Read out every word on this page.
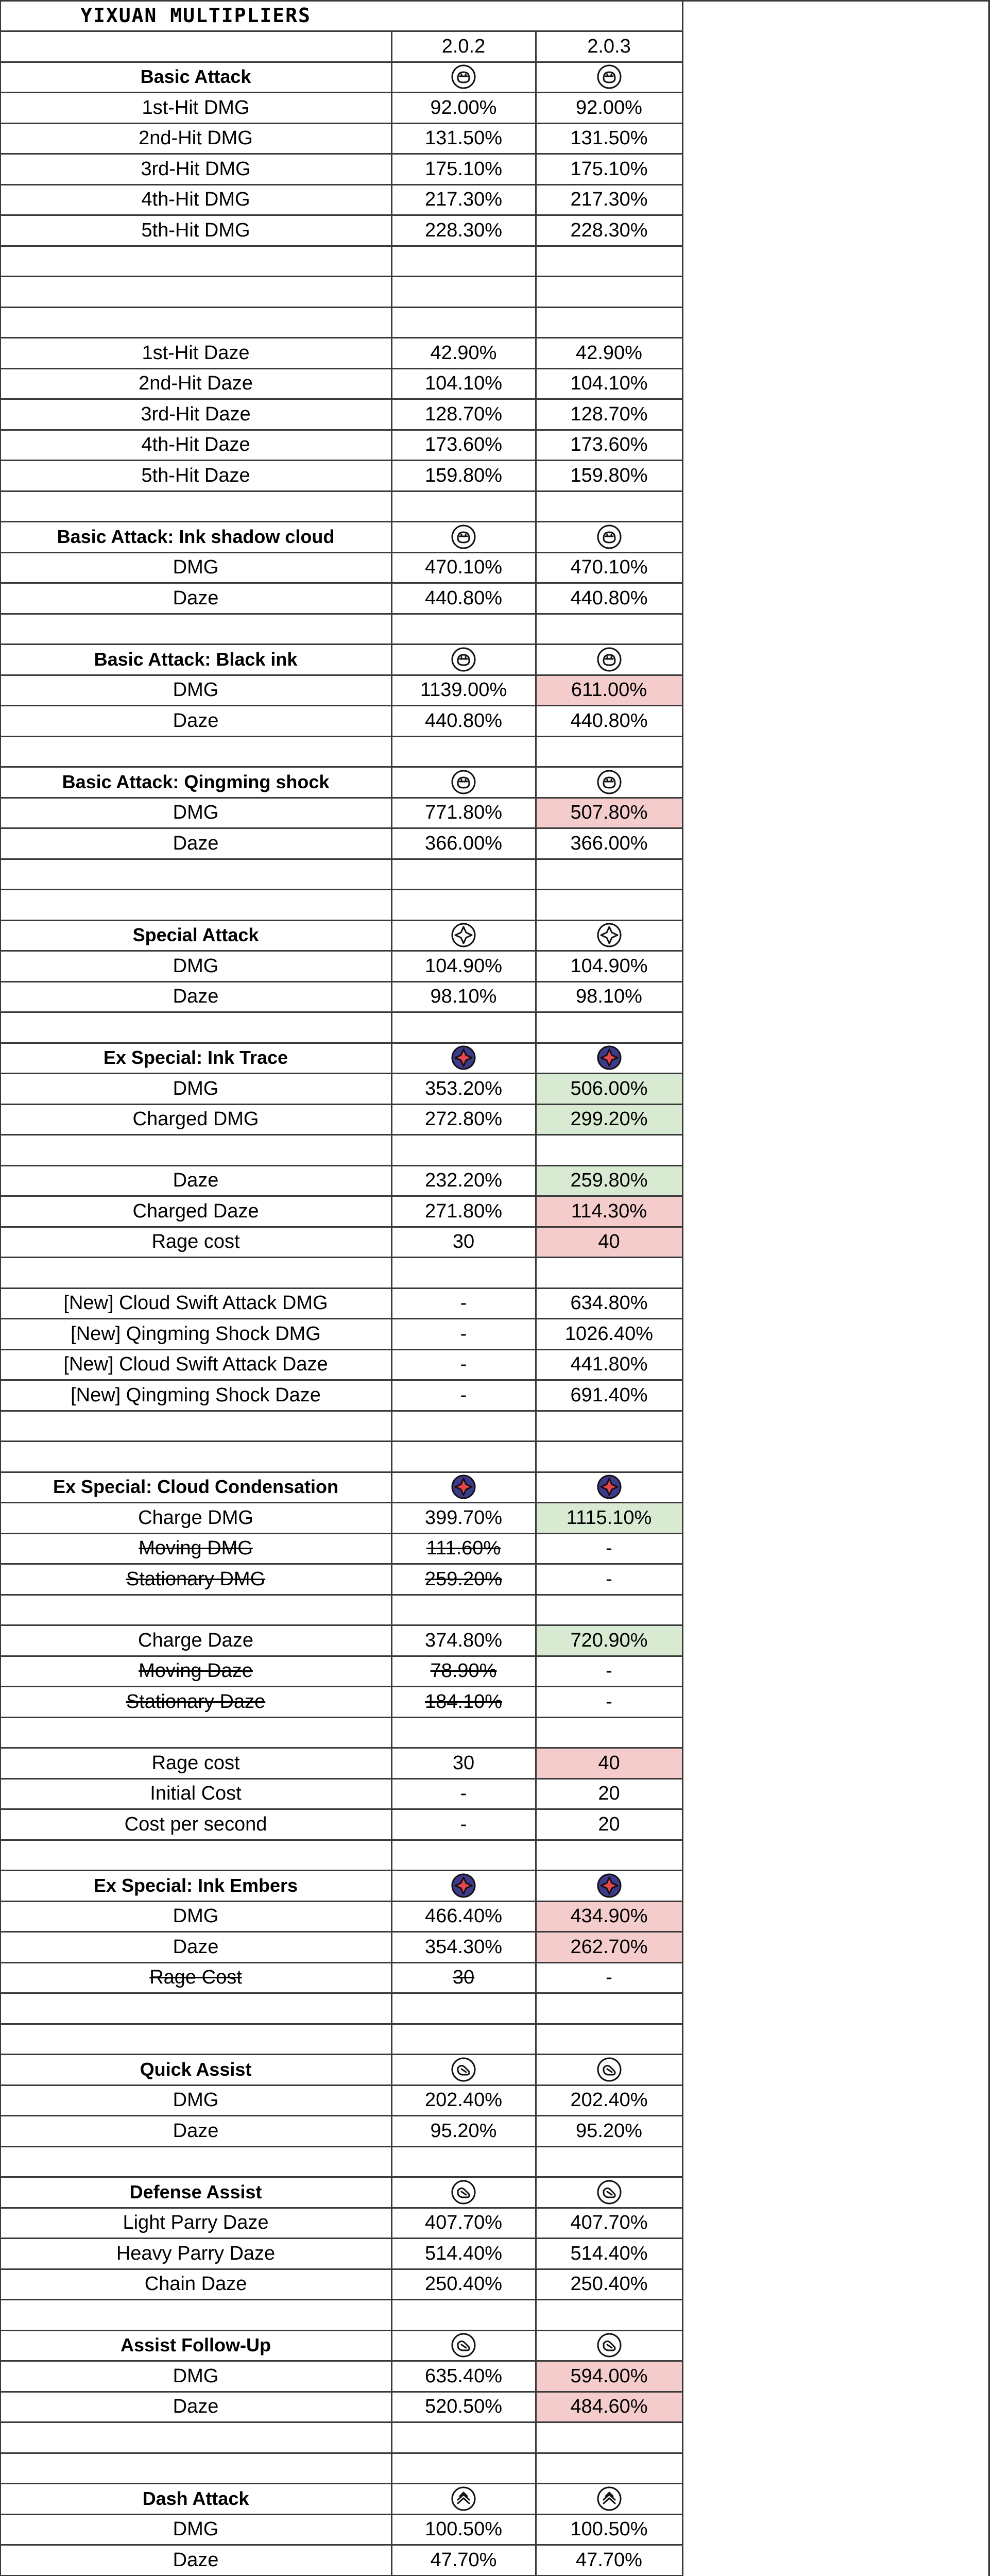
YIXUAN MULTIPLIERS
2.0.2	2.0.3
Basic Attack
1st-Hit DMG	92.00%	92.00%
2nd-Hit DMG	131.50%	131.50%
3rd-Hit DMG	175.10%	175.10%
4th-Hit DMG	217.30%	217.30%
5th-Hit DMG	228.30%	228.30%
1st-Hit Daze	42.90%	42.90%
2nd-Hit Daze	104.10%	104.10%
3rd-Hit Daze	128.70%	128.70%
4th-Hit Daze	173.60%	173.60%
5th-Hit Daze	159.80%	159.80%
Basic Attack: Ink shadow cloud
DMG	470.10%	470.10%
Daze	440.80%	440.80%
Basic Attack: Black ink
DMG	1139.00%	611.00%
Daze	440.80%	440.80%
Basic Attack: Qingming shock
DMG	771.80%	507.80%
Daze	366.00%	366.00%
Special Attack
DMG	104.90%	104.90%
Daze	98.10%	98.10%
Ex Special: Ink Trace
DMG	353.20%	506.00%
Charged DMG	272.80%	299.20%
Daze	232.20%	259.80%
Charged Daze	271.80%	114.30%
Rage cost	30	40
[New] Cloud Swift Attack DMG	-	634.80%
[New] Qingming Shock DMG	-	1026.40%
[New] Cloud Swift Attack Daze	-	441.80%
[New] Qingming Shock Daze	-	691.40%
Ex Special: Cloud Condensation
Charge DMG	399.70%	1115.10%
Moving DMG	111.60%	-
Stationary DMG	259.20%	-
Charge Daze	374.80%	720.90%
Moving Daze	78.90%	-
Stationary Daze	184.10%	-
Rage cost	30	40
Initial Cost	-	20
Cost per second	-	20
Ex Special: Ink Embers
DMG	466.40%	434.90%
Daze	354.30%	262.70%
Rage Cost	30	-
Quick Assist
DMG	202.40%	202.40%
Daze	95.20%	95.20%
Defense Assist
Light Parry Daze	407.70%	407.70%
Heavy Parry Daze	514.40%	514.40%
Chain Daze	250.40%	250.40%
Assist Follow-Up
DMG	635.40%	594.00%
Daze	520.50%	484.60%
Dash Attack
DMG	100.50%	100.50%
Daze	47.70%	47.70%
